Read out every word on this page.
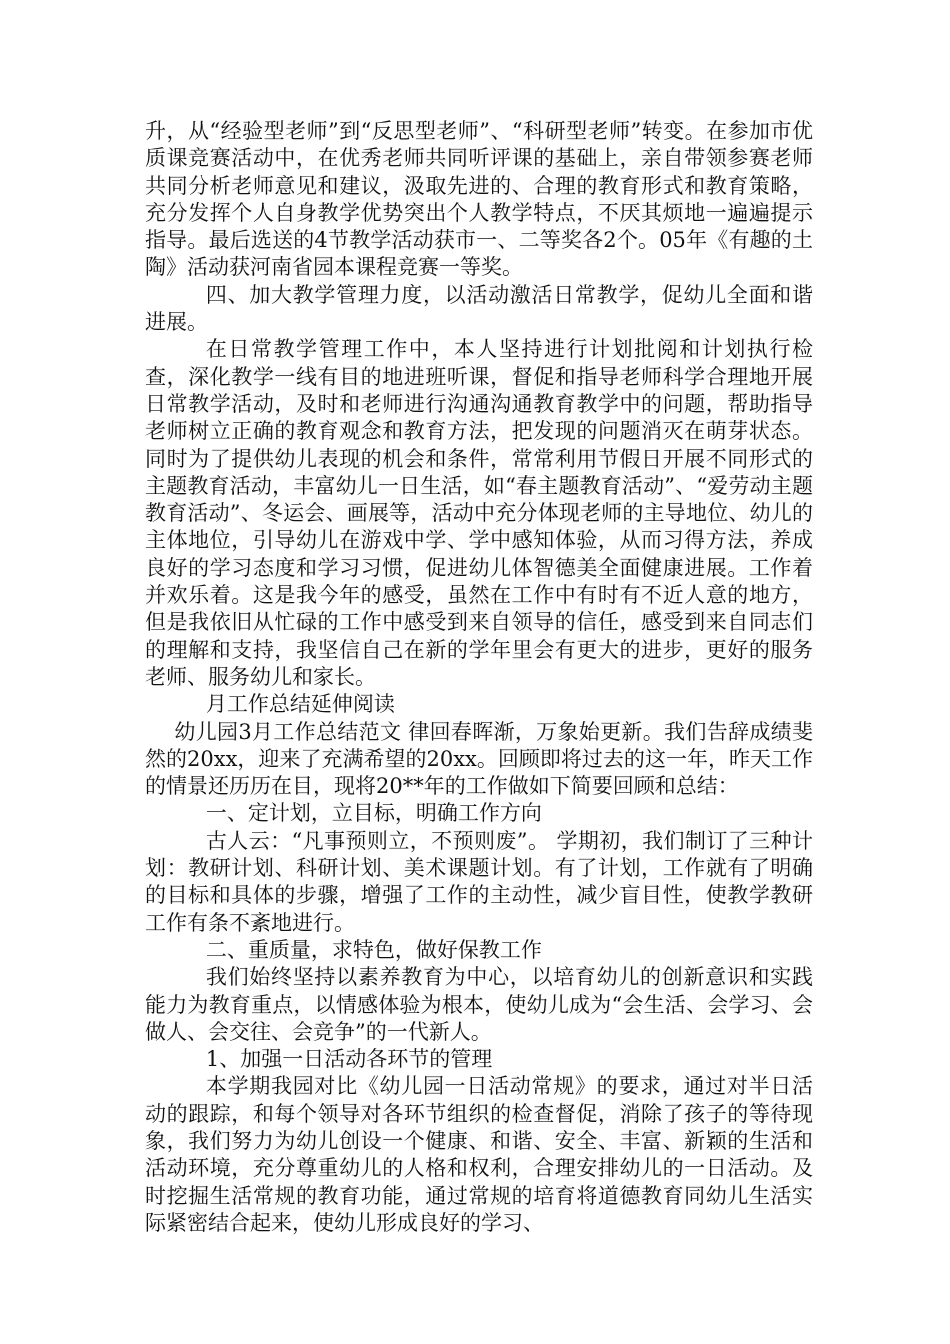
升，从“经验型老师”到“反思型老师”、“科研型老师”转变。在参加市优质课竞赛活动中，在优秀老师共同听评课的基础上，亲自带领参赛老师共同分析老师意见和建议，汲取先进的、合理的教育形式和教育策略，充分发挥个人自身教学优势突出个人教学特点，不厌其烦地一遍遍提示指导。最后选送的4节教学活动获市一、二等奖各2个。05年《有趣的土陶》活动获河南省园本课程竞赛一等奖。

四、加大教学管理力度，以活动激活日常教学，促幼儿全面和谐进展。

在日常教学管理工作中，本人坚持进行计划批阅和计划执行检查，深化教学一线有目的地进班听课，督促和指导老师科学合理地开展日常教学活动，及时和老师进行沟通沟通教育教学中的问题，帮助指导老师树立正确的教育观念和教育方法，把发现的问题消灭在萌芽状态。同时为了提供幼儿表现的机会和条件，常常利用节假日开展不同形式的主题教育活动，丰富幼儿一日生活，如“春主题教育活动”、“爱劳动主题教育活动”、冬运会、画展等，活动中充分体现老师的主导地位、幼儿的主体地位，引导幼儿在游戏中学、学中感知体验，从而习得方法，养成良好的学习态度和学习习惯，促进幼儿体智德美全面健康进展。工作着并欢乐着。这是我今年的感受，虽然在工作中有时有不近人意的地方，但是我依旧从忙碌的工作中感受到来自领导的信任，感受到来自同志们的理解和支持，我坚信自己在新的学年里会有更大的进步，更好的服务老师、服务幼儿和家长。

月工作总结延伸阅读

幼儿园3月工作总结范文 律回春晖渐，万象始更新。我们告辞成绩斐然的20xx，迎来了充满希望的20xx。回顾即将过去的这一年，昨天工作的情景还历历在目，现将20**年的工作做如下简要回顾和总结：

一、定计划，立目标，明确工作方向

古人云：“凡事预则立，不预则废”。 学期初，我们制订了三种计划：教研计划、科研计划、美术课题计划。有了计划，工作就有了明确的目标和具体的步骤，增强了工作的主动性，减少盲目性，使教学教研工作有条不紊地进行。

二、重质量，求特色，做好保教工作

我们始终坚持以素养教育为中心，以培育幼儿的创新意识和实践能力为教育重点，以情感体验为根本，使幼儿成为“会生活、会学习、会做人、会交往、会竞争”的一代新人。

1、加强一日活动各环节的管理

本学期我园对比《幼儿园一日活动常规》的要求，通过对半日活动的跟踪，和每个领导对各环节组织的检查督促，消除了孩子的等待现象，我们努力为幼儿创设一个健康、和谐、安全、丰富、新颖的生活和活动环境，充分尊重幼儿的人格和权利，合理安排幼儿的一日活动。及时挖掘生活常规的教育功能，通过常规的培育将道德教育同幼儿生活实际紧密结合起来，使幼儿形成良好的学习、
